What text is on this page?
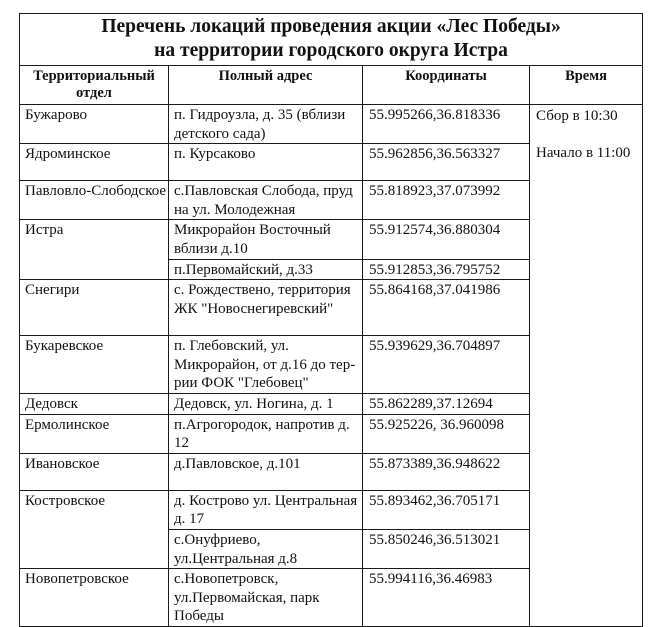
Перечень локаций проведения акции «Лес Победы»
на территории городского округа Истра			

Территориальный отдел	Полный адрес	Координаты	Время
Бужарово	п. Гидроузла, д. 35 (вблизи детского сада)	55.995266,36.818336	Сбор в 10:30
Начало в 11:00
Ядроминское	п. Курсаково	55.962856,36.563327	
Павловло-Слободское	с.Павловская Слобода, пруд на ул. Молодежная	55.818923,37.073992	
Истра	Микрорайон Восточный вблизи д.10	55.912574,36.880304	
	п.Первомайский, д.33	55.912853,36.795752	
Снегири	с. Рождествено, территория ЖК "Новоснегиревский"	55.864168,37.041986	
Букаревское	п. Глебовский, ул. Микрорайон, от д.16 до тер-рии ФОК "Глебовец"	55.939629,36.704897	
Дедовск	Дедовск, ул. Ногина, д. 1	55.862289,37.12694	
Ермолинское	п.Агрогородок, напротив д. 12	55.925226, 36.960098	
Ивановское	д.Павловское, д.101	55.873389,36.948622	
Костровское	д. Кострово ул. Центральная д. 17	55.893462,36.705171	
	с.Онуфриево, ул.Центральная д.8	55.850246,36.513021	
Новопетровское	с.Новопетровск, ул.Первомайская, парк Победы	55.994116,36.46983	
